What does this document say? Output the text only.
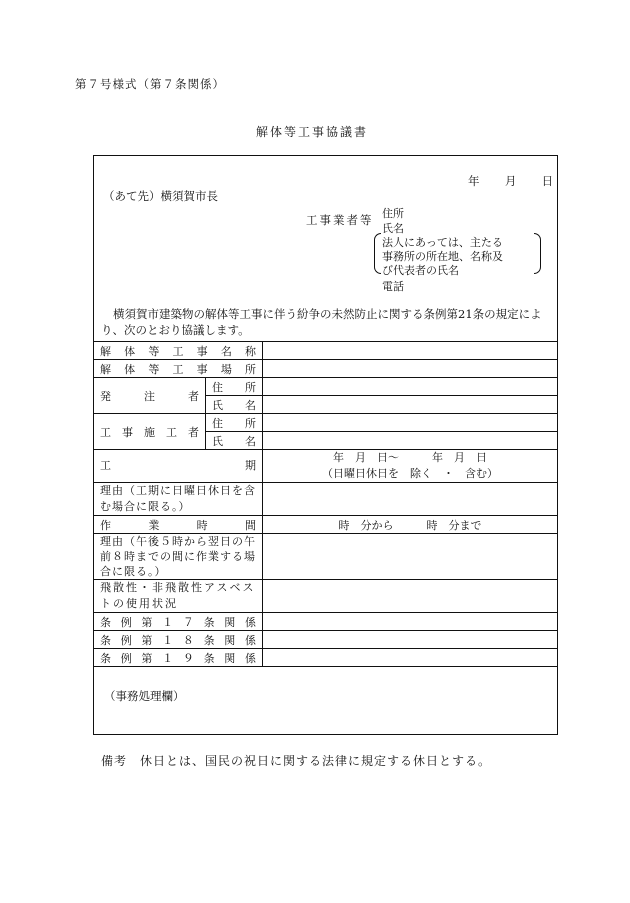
第７号様式（第７条関係）
解体等工事協議書
年 月 日
（あて先）横須賀市長
工事業者等 住所
氏名
法人にあっては、主たる
事務所の所在地、名称及
び代表者の氏名
電話
横須賀市建築物の解体等工事に伴う紛争の未然防止に関する条例第21条の規定により、次のとおり協議します。
解体等工事名称		
解体等工事場所		
発注者	住所	
	氏名	
工事施工者	住所	
	氏名	
工期		年　月　日～　　　年　月　日
（日曜日休日を　除く　・　含む）

理由（工期に日曜日休日を含む場合に限る。）		
作業時間		時　分から　　　時　分まで
理由（午後５時から翌日の午前８時までの間に作業する場合に限る。）		
飛散性・非飛散性アスベストの使用状況		
条例第１７条関係		
条例第１８条関係		
条例第１９条関係		
（事務処理欄）
備考　休日とは、国民の祝日に関する法律に規定する休日とする。
